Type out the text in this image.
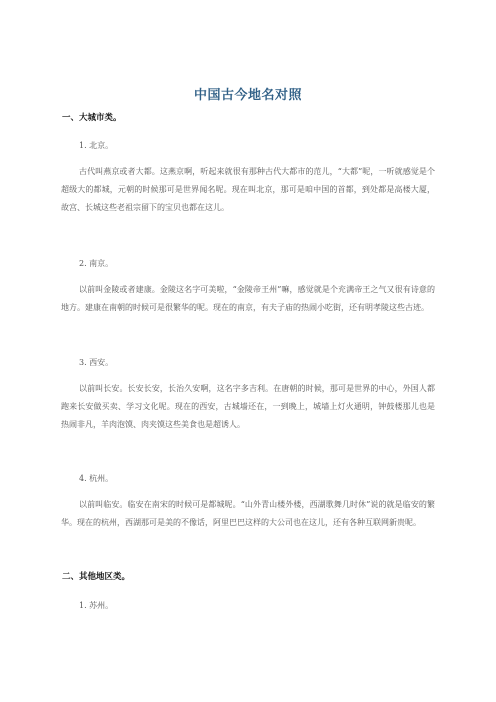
中国古今地名对照
一、大城市类。
1. 北京。
古代叫燕京或者大都。这燕京啊，听起来就很有那种古代大都市的范儿，“大都”呢，一听就感觉是个超级大的都城，元朝的时候那可是世界闻名呢。现在叫北京，那可是咱中国的首都，到处都是高楼大厦，故宫、长城这些老祖宗留下的宝贝也都在这儿。
2. 南京。
以前叫金陵或者建康。金陵这名字可美啦，“金陵帝王州”嘛，感觉就是个充满帝王之气又很有诗意的地方。建康在南朝的时候可是很繁华的呢。现在的南京，有夫子庙的热闹小吃街，还有明孝陵这些古迹。
3. 西安。
以前叫长安。长安长安，长治久安啊，这名字多吉利。在唐朝的时候，那可是世界的中心，外国人都跑来长安做买卖、学习文化呢。现在的西安，古城墙还在，一到晚上，城墙上灯火通明，钟鼓楼那儿也是热闹非凡，羊肉泡馍、肉夹馍这些美食也是超诱人。
4. 杭州。
以前叫临安。临安在南宋的时候可是都城呢。“山外青山楼外楼，西湖歌舞几时休”说的就是临安的繁华。现在的杭州，西湖那可是美的不像话，阿里巴巴这样的大公司也在这儿，还有各种互联网新贵呢。
二、其他地区类。
1. 苏州。
